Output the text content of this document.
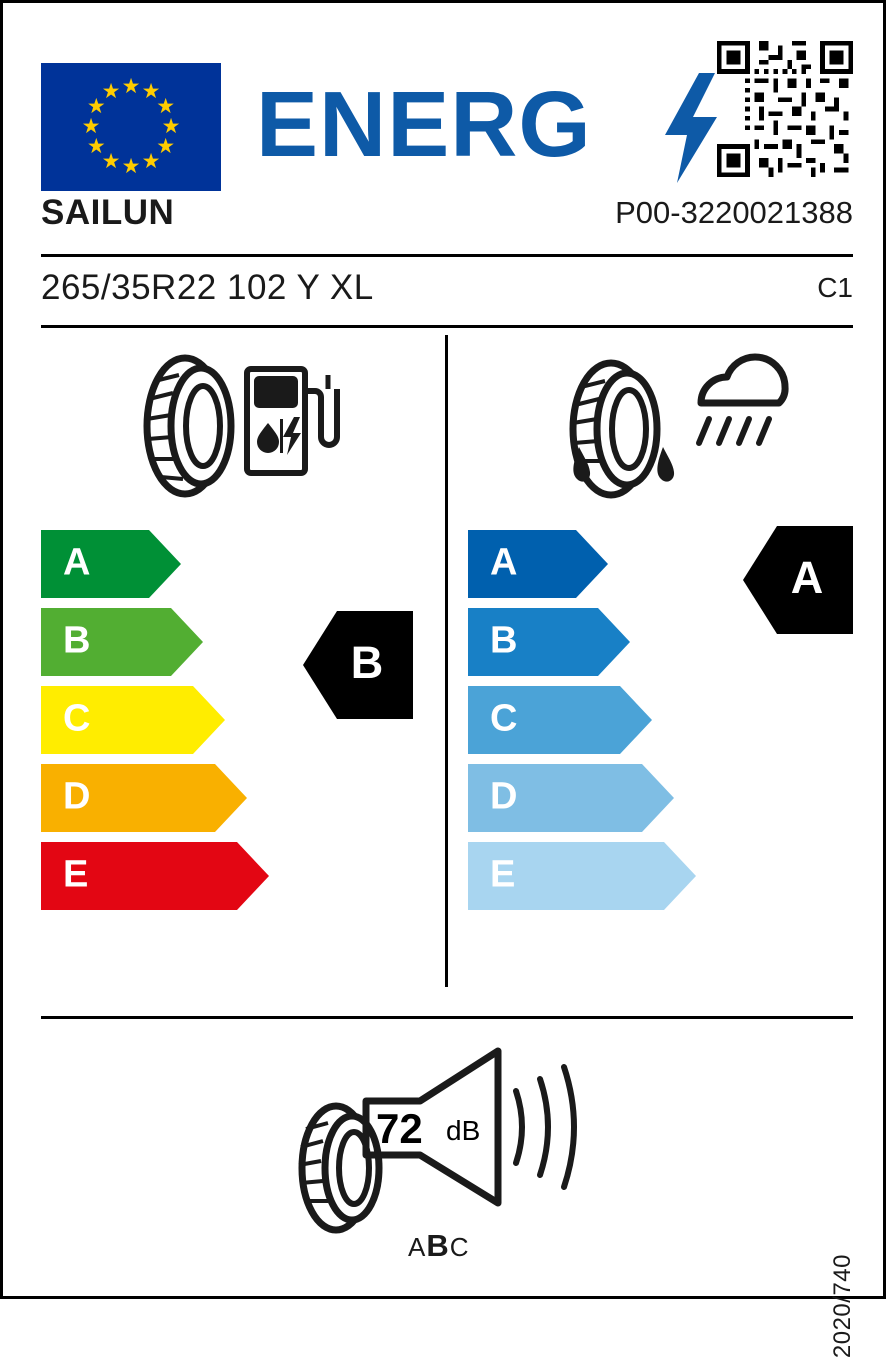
★ ★
★
★
★
★
★
★
★
★
★
★ ENERG
SAILUN	P00-3220021388
265/35R22 102 Y XL	C1
A
B
C
D
E
B
A
B
C
D
E
A
72 dB
ABC
2020/740
